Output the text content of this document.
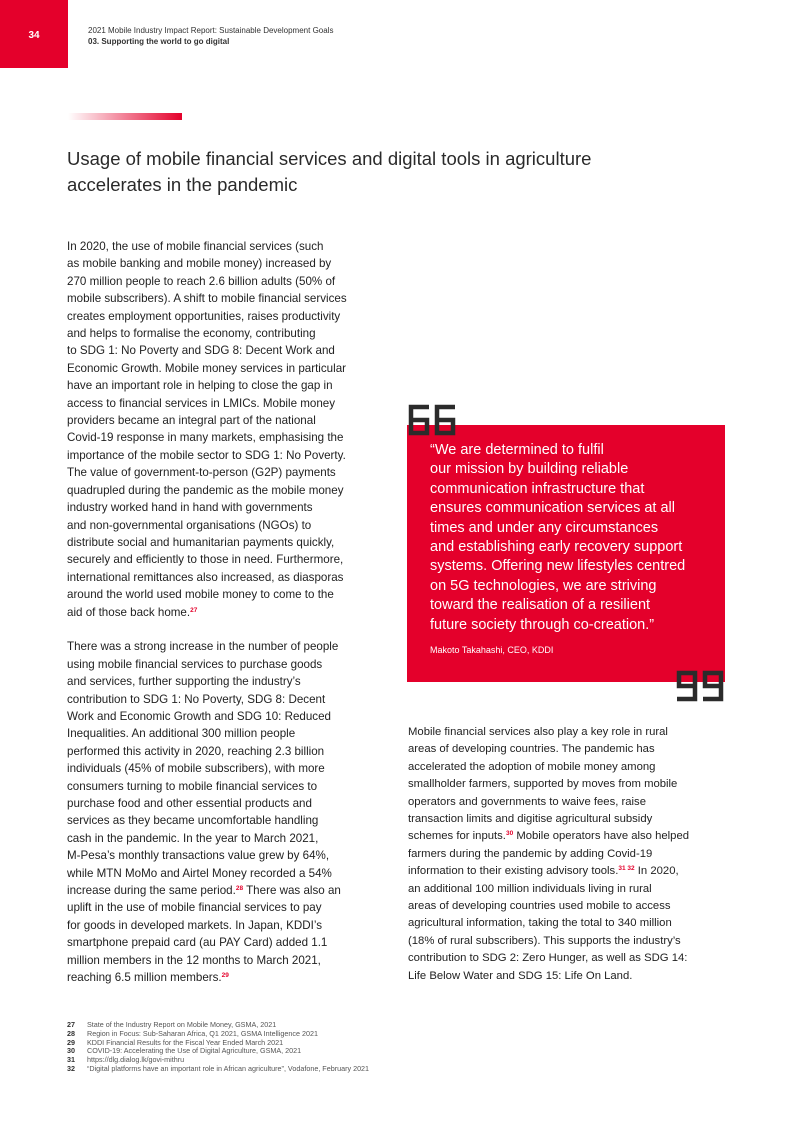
34	2021 Mobile Industry Impact Report: Sustainable Development Goals
03. Supporting the world to go digital
Usage of mobile financial services and digital tools in agriculture
accelerates in the pandemic

In 2020, the use of mobile financial services (such
as mobile banking and mobile money) increased by
270 million people to reach 2.6 billion adults (50% of
mobile subscribers). A shift to mobile financial services
creates employment opportunities, raises productivity
and helps to formalise the economy, contributing
to SDG 1: No Poverty and SDG 8: Decent Work and
Economic Growth. Mobile money services in particular
have an important role in helping to close the gap in
access to financial services in LMICs. Mobile money
providers became an integral part of the national
Covid-19 response in many markets, emphasising the
importance of the mobile sector to SDG 1: No Poverty.
The value of government-to-person (G2P) payments
quadrupled during the pandemic as the mobile money
industry worked hand in hand with governments
and non-governmental organisations (NGOs) to
distribute social and humanitarian payments quickly,
securely and efficiently to those in need. Furthermore,
international remittances also increased, as diasporas
around the world used mobile money to come to the
aid of those back home.$^{27}$

There was a strong increase in the number of people
using mobile financial services to purchase goods
and services, further supporting the industry’s
contribution to SDG 1: No Poverty, SDG 8: Decent
Work and Economic Growth and SDG 10: Reduced
Inequalities. An additional 300 million people
performed this activity in 2020, reaching 2.3 billion
individuals (45% of mobile subscribers), with more
consumers turning to mobile financial services to
purchase food and other essential products and
services as they became uncomfortable handling
cash in the pandemic. In the year to March 2021,
M-Pesa’s monthly transactions value grew by 64%,
while MTN MoMo and Airtel Money recorded a 54%
increase during the same period.$^{28}$ There was also an
uplift in the use of mobile financial services to pay
for goods in developed markets. In Japan, KDDI’s
smartphone prepaid card (au PAY Card) added 1.1
million members in the 12 months to March 2021,
reaching 6.5 million members.$^{29}$

“We are determined to fulfil
our mission by building reliable
communication infrastructure that
ensures communication services at all
times and under any circumstances
and establishing early recovery support
systems. Offering new lifestyles centred
on 5G technologies, we are striving
toward the realisation of a resilient
future society through co-creation.”

Makoto Takahashi, CEO, KDDI

Mobile financial services also play a key role in rural
areas of developing countries. The pandemic has
accelerated the adoption of mobile money among
smallholder farmers, supported by moves from mobile
operators and governments to waive fees, raise
transaction limits and digitise agricultural subsidy
schemes for inputs.$^{30}$ Mobile operators have also helped
farmers during the pandemic by adding Covid-19
information to their existing advisory tools.$^{31 32}$ In 2020,
an additional 100 million individuals living in rural
areas of developing countries used mobile to access
agricultural information, taking the total to 340 million
(18% of rural subscribers). This supports the industry’s
contribution to SDG 2: Zero Hunger, as well as SDG 14:
Life Below Water and SDG 15: Life On Land.

27 State of the Industry Report on Mobile Money, GSMA, 2021
28 Region in Focus: Sub-Saharan Africa, Q1 2021, GSMA Intelligence 2021
29 KDDI Financial Results for the Fiscal Year Ended March 2021
30 COVID-19: Accelerating the Use of Digital Agriculture, GSMA, 2021
31 https://dlg.dialog.lk/govi-mithru
32 “Digital platforms have an important role in African agriculture”, Vodafone, February 2021
